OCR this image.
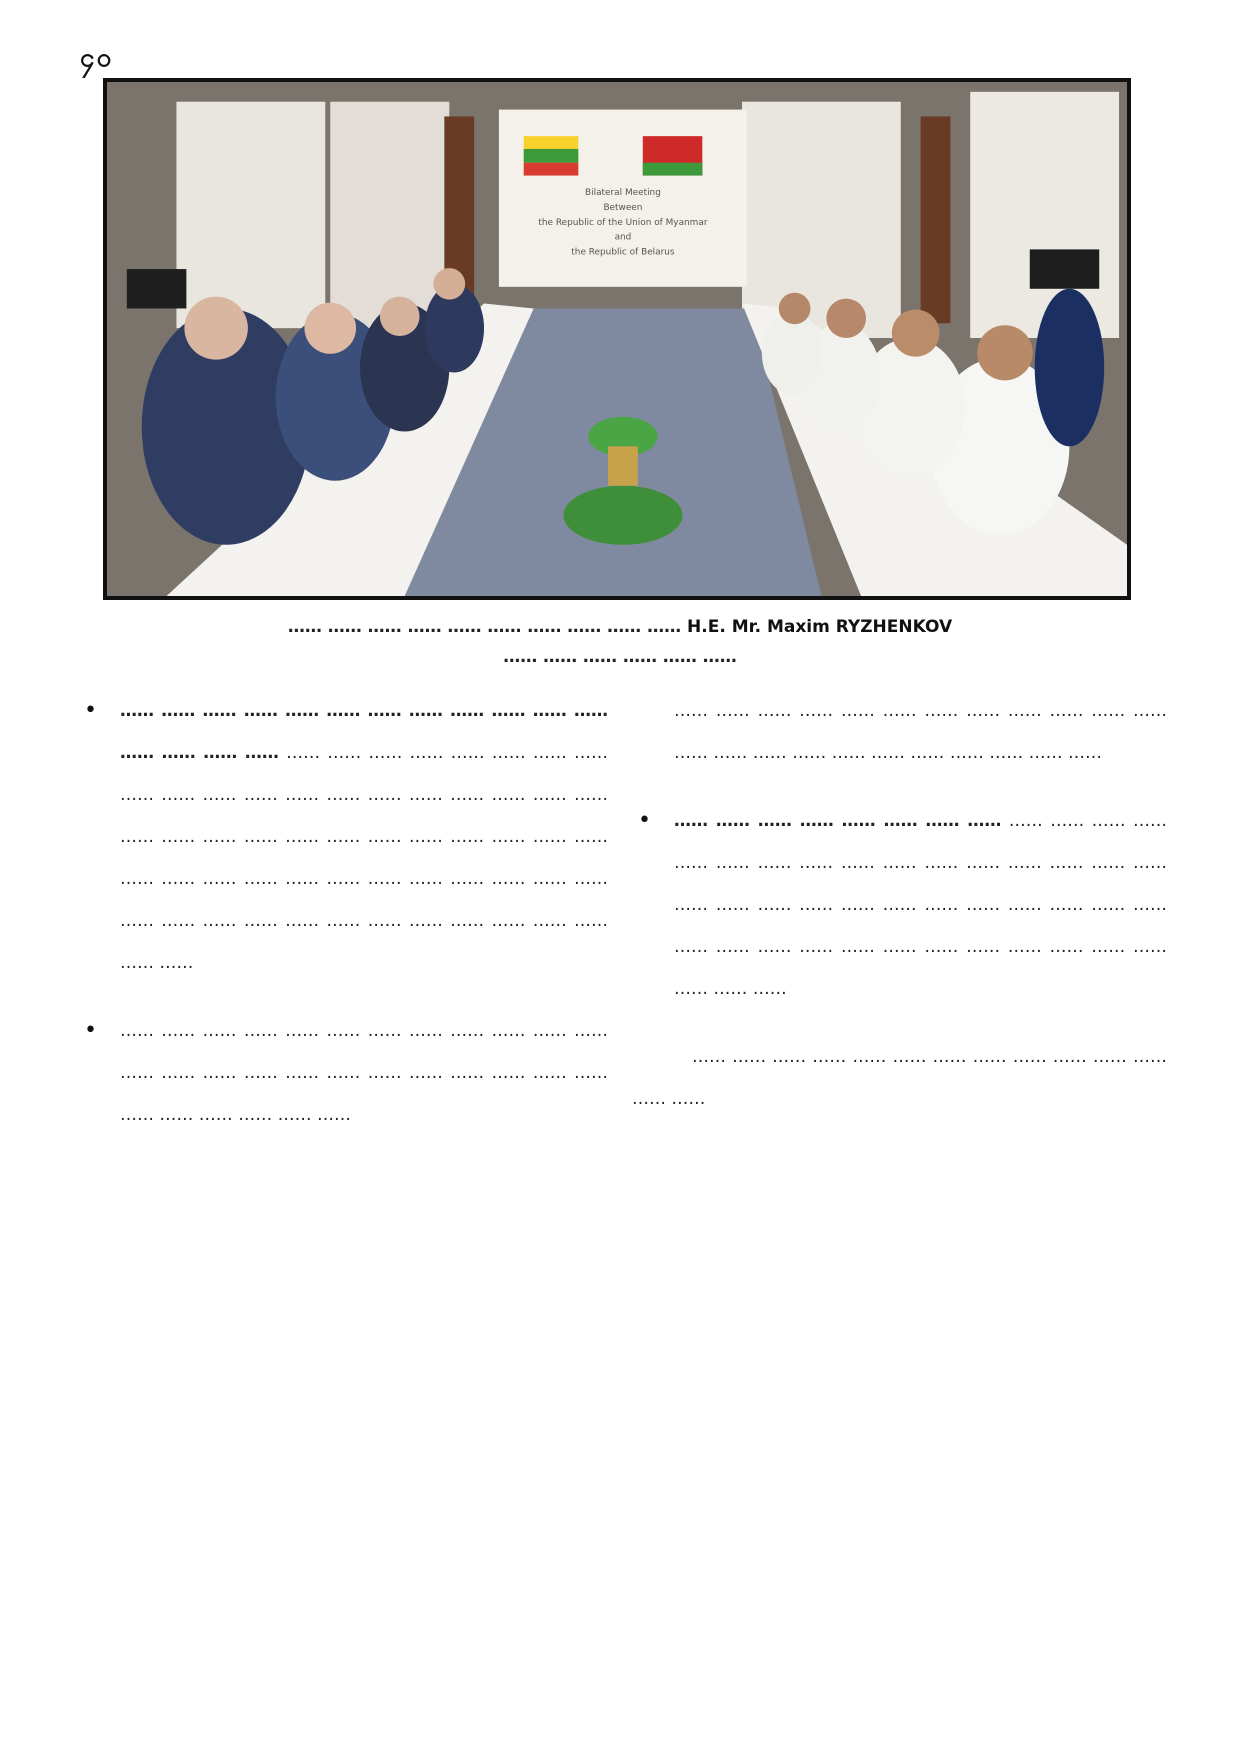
၄၀
Bilateral Meeting
Between
the Republic of the Union of Myanmar
and
the Republic of Belarus
…… …… …… …… …… …… …… …… …… …… H.E. Mr. Maxim RYZHENKOV
…… …… …… …… …… ……
• …… …… …… …… …… …… …… …… …… …… …… …… …… …… …… …… …… …… …… …… …… …… …… …… …… …… …… …… …… …… …… …… …… …… …… …… …… …… …… …… …… …… …… …… …… …… …… …… …… …… …… …… …… …… …… …… …… …… …… …… …… …… …… …… …… …… …… …… …… …… …… …… …… ……

• …… …… …… …… …… …… …… …… …… …… …… …… …… …… …… …… …… …… …… …… …… …… …… …… …… …… …… …… …… ……

…… …… …… …… …… …… …… …… …… …… …… …… …… …… …… …… …… …… …… …… …… …… ……

• …… …… …… …… …… …… …… …… …… …… …… …… …… …… …… …… …… …… …… …… …… …… …… …… …… …… …… …… …… …… …… …… …… …… …… …… …… …… …… …… …… …… …… …… …… …… …… …… …… …… ……

…… …… …… …… …… …… …… …… …… …… …… …… …… ……
